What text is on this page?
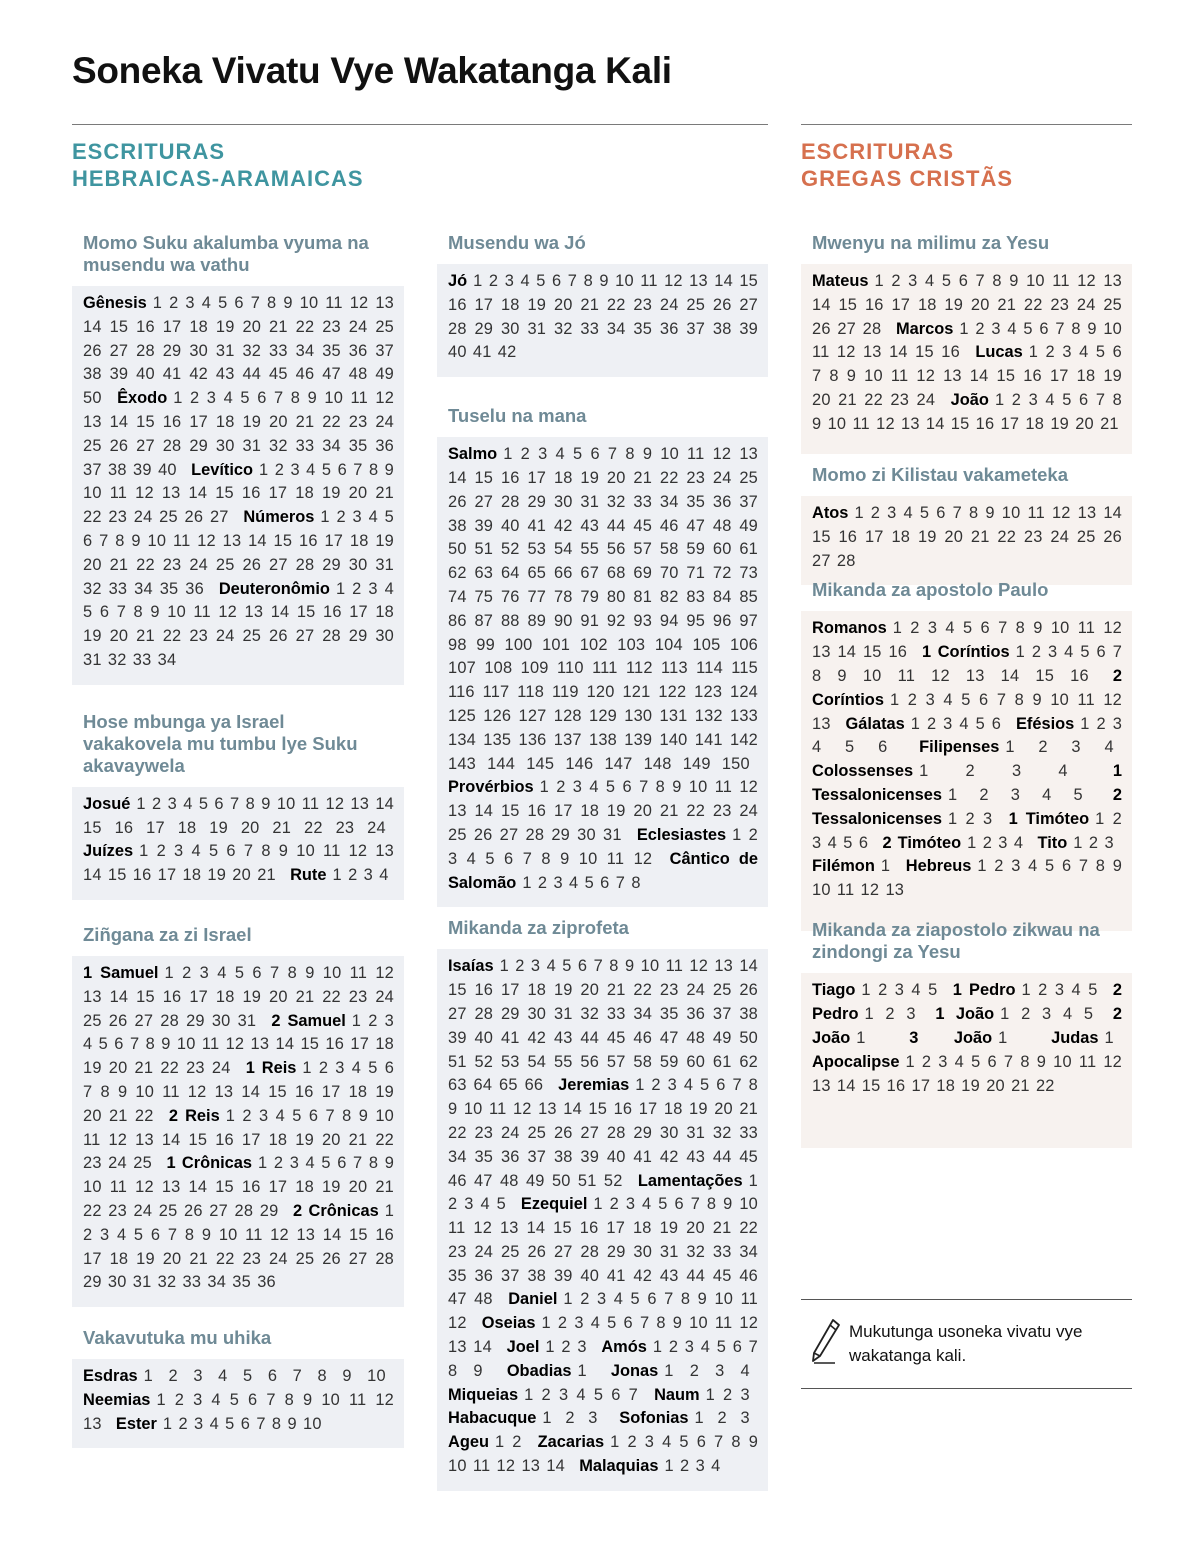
Soneka Vivatu Vye Wakatanga Kali
ESCRITURAS
HEBRAICAS-ARAMAICAS
ESCRITURAS
GREGAS CRISTÃS
Momo Suku akalumba vyuma na musendu wa vathu

Gênesis 1 2 3 4 5 6 7 8 9 10 11 12 13 14 15 16 17 18 19 20 21 22 23 24 25 26 27 28 29 30 31 32 33 34 35 36 37 38 39 40 41 42 43 44 45 46 47 48 49 50  Êxodo 1 2 3 4 5 6 7 8 9 10 11 12 13 14 15 16 17 18 19 20 21 22 23 24 25 26 27 28 29 30 31 32 33 34 35 36 37 38 39 40  Levítico 1 2 3 4 5 6 7 8 9 10 11 12 13 14 15 16 17 18 19 20 21 22 23 24 25 26 27  Números 1 2 3 4 5 6 7 8 9 10 11 12 13 14 15 16 17 18 19 20 21 22 23 24 25 26 27 28 29 30 31 32 33 34 35 36  Deuteronômio 1 2 3 4 5 6 7 8 9 10 11 12 13 14 15 16 17 18 19 20 21 22 23 24 25 26 27 28 29 30 31 32 33 34

Hose mbunga ya Israel vakakovela mu tumbu lye Suku akavaywela

Josué 1 2 3 4 5 6 7 8 9 10 11 12 13 14 15 16 17 18 19 20 21 22 23 24  Juízes 1 2 3 4 5 6 7 8 9 10 11 12 13 14 15 16 17 18 19 20 21  Rute 1 2 3 4

Ziñgana za zi Israel

1 Samuel 1 2 3 4 5 6 7 8 9 10 11 12 13 14 15 16 17 18 19 20 21 22 23 24 25 26 27 28 29 30 31  2 Samuel 1 2 3 4 5 6 7 8 9 10 11 12 13 14 15 16 17 18 19 20 21 22 23 24  1 Reis 1 2 3 4 5 6 7 8 9 10 11 12 13 14 15 16 17 18 19 20 21 22  2 Reis 1 2 3 4 5 6 7 8 9 10 11 12 13 14 15 16 17 18 19 20 21 22 23 24 25  1 Crônicas 1 2 3 4 5 6 7 8 9 10 11 12 13 14 15 16 17 18 19 20 21 22 23 24 25 26 27 28 29  2 Crônicas 1 2 3 4 5 6 7 8 9 10 11 12 13 14 15 16 17 18 19 20 21 22 23 24 25 26 27 28 29 30 31 32 33 34 35 36

Vakavutuka mu uhika

Esdras 1 2 3 4 5 6 7 8 9 10  Neemias 1 2 3 4 5 6 7 8 9 10 11 12 13  Ester 1 2 3 4 5 6 7 8 9 10

Musendu wa Jó

Jó 1 2 3 4 5 6 7 8 9 10 11 12 13 14 15 16 17 18 19 20 21 22 23 24 25 26 27 28 29 30 31 32 33 34 35 36 37 38 39 40 41 42

Tuselu na mana

Salmo 1 2 3 4 5 6 7 8 9 10 11 12 13 14 15 16 17 18 19 20 21 22 23 24 25 26 27 28 29 30 31 32 33 34 35 36 37 38 39 40 41 42 43 44 45 46 47 48 49 50 51 52 53 54 55 56 57 58 59 60 61 62 63 64 65 66 67 68 69 70 71 72 73 74 75 76 77 78 79 80 81 82 83 84 85 86 87 88 89 90 91 92 93 94 95 96 97 98 99 100 101 102 103 104 105 106 107 108 109 110 111 112 113 114 115 116 117 118 119 120 121 122 123 124 125 126 127 128 129 130 131 132 133 134 135 136 137 138 139 140 141 142 143 144 145 146 147 148 149 150  Provérbios 1 2 3 4 5 6 7 8 9 10 11 12 13 14 15 16 17 18 19 20 21 22 23 24 25 26 27 28 29 30 31  Eclesiastes 1 2 3 4 5 6 7 8 9 10 11 12  Cântico de Salomão 1 2 3 4 5 6 7 8

Mikanda za ziprofeta

Isaías 1 2 3 4 5 6 7 8 9 10 11 12 13 14 15 16 17 18 19 20 21 22 23 24 25 26 27 28 29 30 31 32 33 34 35 36 37 38 39 40 41 42 43 44 45 46 47 48 49 50 51 52 53 54 55 56 57 58 59 60 61 62 63 64 65 66  Jeremias 1 2 3 4 5 6 7 8 9 10 11 12 13 14 15 16 17 18 19 20 21 22 23 24 25 26 27 28 29 30 31 32 33 34 35 36 37 38 39 40 41 42 43 44 45 46 47 48 49 50 51 52  Lamentações 1 2 3 4 5  Ezequiel 1 2 3 4 5 6 7 8 9 10 11 12 13 14 15 16 17 18 19 20 21 22 23 24 25 26 27 28 29 30 31 32 33 34 35 36 37 38 39 40 41 42 43 44 45 46 47 48  Daniel 1 2 3 4 5 6 7 8 9 10 11 12  Oseias 1 2 3 4 5 6 7 8 9 10 11 12 13 14  Joel 1 2 3  Amós 1 2 3 4 5 6 7 8 9  Obadias 1  Jonas 1 2 3 4  Miqueias 1 2 3 4 5 6 7  Naum 1 2 3  Habacuque 1 2 3  Sofonias 1 2 3  Ageu 1 2  Zacarias 1 2 3 4 5 6 7 8 9 10 11 12 13 14  Malaquias 1 2 3 4

Mwenyu na milimu za Yesu

Mateus 1 2 3 4 5 6 7 8 9 10 11 12 13 14 15 16 17 18 19 20 21 22 23 24 25 26 27 28  Marcos 1 2 3 4 5 6 7 8 9 10 11 12 13 14 15 16  Lucas 1 2 3 4 5 6 7 8 9 10 11 12 13 14 15 16 17 18 19 20 21 22 23 24  João 1 2 3 4 5 6 7 8 9 10 11 12 13 14 15 16 17 18 19 20 21

Momo zi Kilistau vakameteka

Atos 1 2 3 4 5 6 7 8 9 10 11 12 13 14 15 16 17 18 19 20 21 22 23 24 25 26 27 28

Mikanda za apostolo Paulo

Romanos 1 2 3 4 5 6 7 8 9 10 11 12 13 14 15 16  1 Coríntios 1 2 3 4 5 6 7 8 9 10 11 12 13 14 15 16  2 Coríntios 1 2 3 4 5 6 7 8 9 10 11 12 13  Gálatas 1 2 3 4 5 6  Efésios 1 2 3 4 5 6  Filipenses 1 2 3 4  Colossenses 1 2 3 4 	1 Tessalonicenses 1 2 3 4 5  2 Tessalonicenses 1 2 3  1 Timóteo 1 2 3 4 5 6  2 Timóteo 1 2 3 4  Tito 1 2 3  Filémon 1  Hebreus 1 2 3 4 5 6 7 8 9 10 11 12 13

Mikanda za ziapostolo zikwau na zindongi za Yesu

Tiago 1 2 3 4 5  1 Pedro 1 2 3 4 5  2 Pedro 1 2 3  1 João 1 2 3 4 5  2 João 1 	3 João 1 	Judas 1  Apocalipse 1 2 3 4 5 6 7 8 9 10 11 12 13 14 15 16 17 18 19 20 21 22

Mukutunga usoneka vivatu vye wakatanga kali.
